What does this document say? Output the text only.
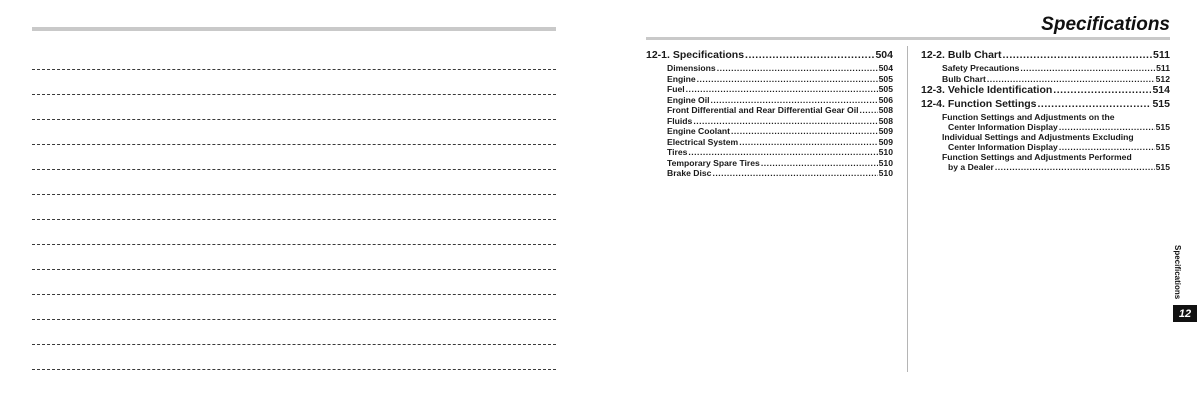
Specifications
12-1. Specifications .....	504
Dimensions .....	504
Engine .....	505
Fuel .....	505
Engine Oil .....	506
Front Differential and Rear Differential Gear Oil ..... 508
Fluids .....	508
Engine Coolant .....	509
Electrical System .....	509
Tires .....	510
Temporary Spare Tires .....	510
Brake Disc .....	510
12-2. Bulb Chart .....	511
Safety Precautions .....	511
Bulb Chart .....	512
12-3. Vehicle Identification .....	514
12-4. Function Settings .....	515
Function Settings and Adjustments on the
Center Information Display .....	515
Individual Settings and Adjustments Excluding
Center Information Display .....	515
Function Settings and Adjustments Performed
by a Dealer .....	515
Specifications
12
